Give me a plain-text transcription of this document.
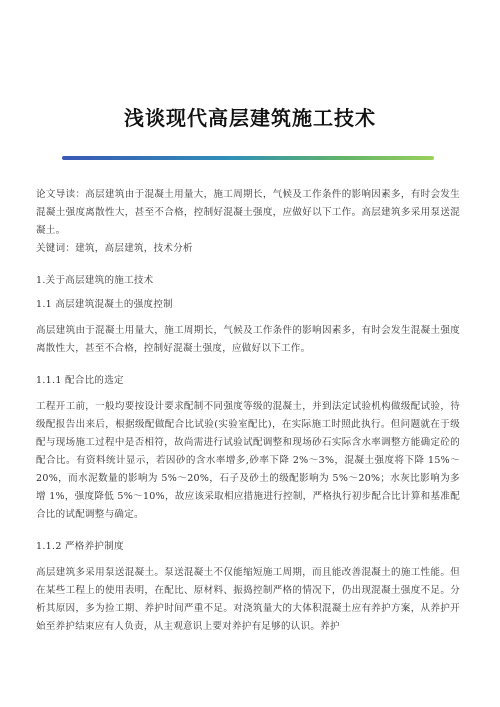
浅谈现代高层建筑施工技术

论文导读：高层建筑由于混凝土用量大，施工周期长，气候及工作条件的影响因素多，有时会发生混凝土强度离散性大，甚至不合格，控制好混凝土强度，应做好以下工作。高层建筑多采用泵送混凝土。

关键词：建筑，高层建筑，技术分析

1.关于高层建筑的施工技术

1.1 高层建筑混凝土的强度控制

高层建筑由于混凝土用量大，施工周期长，气候及工作条件的影响因素多，有时会发生混凝土强度离散性大，甚至不合格，控制好混凝土强度，应做好以下工作。

1.1.1 配合比的选定

工程开工前，一般均要按设计要求配制不同强度等级的混凝土，并到法定试验机构做级配试验，待级配报告出来后，根据级配做配合比试验(实验室配比)，在实际施工时照此执行。但问题就在于级配与现场施工过程中是否相符，故尚需进行试验试配调整和现场砂石实际含水率调整方能确定砼的配合比。有资料统计显示，若因砂的含水率增多,砂率下降 2%～3%，混凝土强度将下降 15%～20%，而水泥数量的影响为 5%～20%，石子及砂土的级配影响为 5%～20%；水灰比影响为多增 1%，强度降低 5%～10%，故应该采取相应措施进行控制，严格执行初步配合比计算和基准配合比的试配调整与确定。

1.1.2 严格养护制度

高层建筑多采用泵送混凝土。泵送混凝土不仅能缩短施工周期，而且能改善混凝土的施工性能。但在某些工程上的使用表明，在配比、原材料、振捣控制严格的情况下，仍出现混凝土强度不足。分析其原因，多为捡工期、养护时间严重不足。对浇筑量大的大体积混凝土应有养护方案，从养护开始至养护结束应有人负责，从主观意识上要对养护有足够的认识。养护
